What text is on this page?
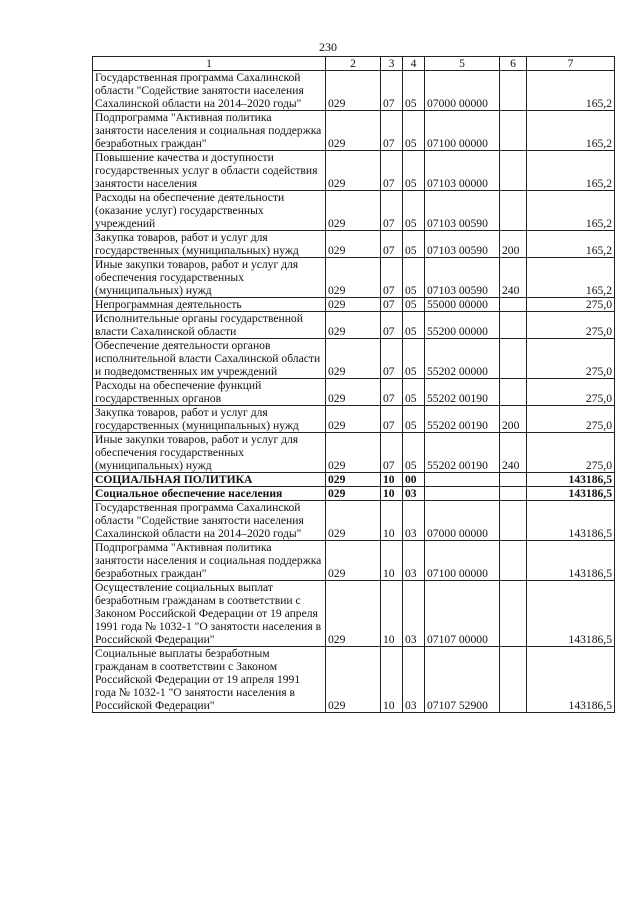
230
1	2	3	4	5	6	7
Государственная программа Сахалинской области "Содействие занятости населения Сахалинской области на 2014–2020 годы"	029	07	05	07000 00000		165,2
Подпрограмма "Активная политика занятости населения и социальная поддержка безработных граждан"	029	07	05	07100 00000		165,2
Повышение качества и доступности государственных услуг в области содействия занятости населения	029	07	05	07103 00000		165,2
Расходы на обеспечение деятельности (оказание услуг) государственных учреждений	029	07	05	07103 00590		165,2
Закупка товаров, работ и услуг для государственных (муниципальных) нужд	029	07	05	07103 00590	200	165,2
Иные закупки товаров, работ и услуг для обеспечения государственных (муниципальных) нужд	029	07	05	07103 00590	240	165,2
Непрограммная деятельность	029	07	05	55000 00000		275,0
Исполнительные органы государственной власти Сахалинской области	029	07	05	55200 00000		275,0
Обеспечение деятельности органов исполнительной власти Сахалинской области и подведомственных им учреждений	029	07	05	55202 00000		275,0
Расходы на обеспечение функций государственных органов	029	07	05	55202 00190		275,0
Закупка товаров, работ и услуг для государственных (муниципальных) нужд	029	07	05	55202 00190	200	275,0
Иные закупки товаров, работ и услуг для обеспечения государственных (муниципальных) нужд	029	07	05	55202 00190	240	275,0
СОЦИАЛЬНАЯ ПОЛИТИКА	029	10	00			143186,5
Социальное обеспечение населения	029	10	03			143186,5
Государственная программа Сахалинской области "Содействие занятости населения Сахалинской области на 2014–2020 годы"	029	10	03	07000 00000		143186,5
Подпрограмма "Активная политика занятости населения и социальная поддержка безработных граждан"	029	10	03	07100 00000		143186,5
Осуществление социальных выплат безработным гражданам в соответствии с Законом Российской Федерации от 19 апреля 1991 года № 1032-1 "О занятости населения в Российской Федерации"	029	10	03	07107 00000		143186,5
Социальные выплаты безработным гражданам в соответствии с Законом Российской Федерации от 19 апреля 1991 года № 1032-1 "О занятости населения в Российской Федерации"	029	10	03	07107 52900		143186,5
